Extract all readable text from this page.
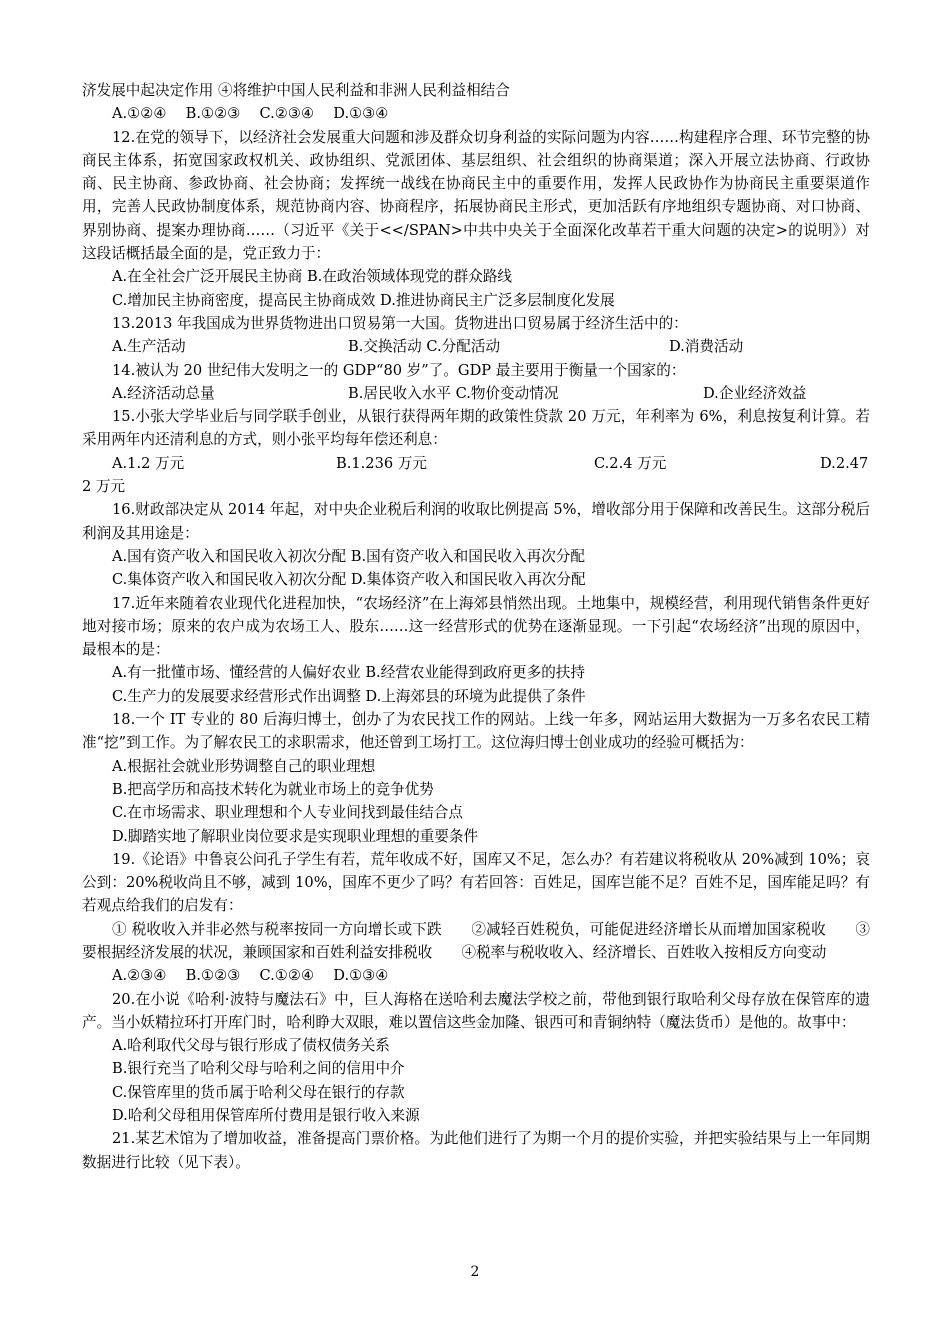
济发展中起决定作用 ④将维护中国人民利益和非洲人民利益相结合

A.①②④　 B.①②③　 C.②③④　 D.①③④

12.在党的领导下，以经济社会发展重大问题和涉及群众切身利益的实际问题为内容……构建程序合理、环节完整的协商民主体系，拓宽国家政权机关、政协组织、党派团体、基层组织、社会组织的协商渠道；深入开展立法协商、行政协商、民主协商、参政协商、社会协商；发挥统一战线在协商民主中的重要作用，发挥人民政协作为协商民主重要渠道作用，完善人民政协制度体系，规范协商内容、协商程序，拓展协商民主形式，更加活跃有序地组织专题协商、对口协商、界别协商、提案办理协商……（习近平《关于<</SPAN>中共中央关于全面深化改革若干重大问题的决定>的说明》）对这段话概括最全面的是，党正致力于：

A.在全社会广泛开展民主协商 B.在政治领域体现党的群众路线

C.增加民主协商密度，提高民主协商成效 D.推进协商民主广泛多层制度化发展

13.2013 年我国成为世界货物进出口贸易第一大国。货物进出口贸易属于经济生活中的：

A.生产活动	B.交换活动 C.分配活动	D.消费活动

14.被认为 20 世纪伟大发明之一的 GDP“80 岁”了。GDP 最主要用于衡量一个国家的：

A.经济活动总量	B.居民收入水平 C.物价变动情况	D.企业经济效益

15.小张大学毕业后与同学联手创业，从银行获得两年期的政策性贷款 20 万元，年利率为 6%，利息按复利计算。若采用两年内还清利息的方式，则小张平均每年偿还利息：

A.1.2 万元	B.1.236 万元	C.2.4 万元	D.2.47

2 万元

16.财政部决定从 2014 年起，对中央企业税后利润的收取比例提高 5%，增收部分用于保障和改善民生。这部分税后利润及其用途是：

A.国有资产收入和国民收入初次分配 B.国有资产收入和国民收入再次分配

C.集体资产收入和国民收入初次分配 D.集体资产收入和国民收入再次分配

17.近年来随着农业现代化进程加快，“农场经济”在上海郊县悄然出现。土地集中，规模经营，利用现代销售条件更好地对接市场；原来的农户成为农场工人、股东……这一经营形式的优势在逐渐显现。一下引起“农场经济”出现的原因中，最根本的是：

A.有一批懂市场、懂经营的人偏好农业 B.经营农业能得到政府更多的扶持

C.生产力的发展要求经营形式作出调整 D.上海郊县的环境为此提供了条件

18.一个 IT 专业的 80 后海归博士，创办了为农民找工作的网站。上线一年多，网站运用大数据为一万多名农民工精准“挖”到工作。为了解农民工的求职需求，他还曾到工场打工。这位海归博士创业成功的经验可概括为：

A.根据社会就业形势调整自己的职业理想

B.把高学历和高技术转化为就业市场上的竞争优势

C.在市场需求、职业理想和个人专业间找到最佳结合点

D.脚踏实地了解职业岗位要求是实现职业理想的重要条件

19.《论语》中鲁哀公问孔子学生有若，荒年收成不好，国库又不足，怎么办？有若建议将税收从 20%减到 10%；哀公到：20%税收尚且不够，减到 10%，国库不更少了吗？有若回答：百姓足，国库岂能不足？百姓不足，国库能足吗？有若观点给我们的启发有：

① 税收收入并非必然与税率按同一方向增长或下跌　　②减轻百姓税负，可能促进经济增长从而增加国家税收　　③要根据经济发展的状况，兼顾国家和百姓利益安排税收　　④税率与税收收入、经济增长、百姓收入按相反方向变动

A.②③④　 B.①②③　 C.①②④　 D.①③④

20.在小说《哈利·波特与魔法石》中，巨人海格在送哈利去魔法学校之前，带他到银行取哈利父母存放在保管库的遗产。当小妖精拉环打开库门时，哈利睁大双眼，难以置信这些金加隆、银西可和青铜纳特（魔法货币）是他的。故事中：

A.哈利取代父母与银行形成了债权债务关系

B.银行充当了哈利父母与哈利之间的信用中介

C.保管库里的货币属于哈利父母在银行的存款

D.哈利父母租用保管库所付费用是银行收入来源

21.某艺术馆为了增加收益，准备提高门票价格。为此他们进行了为期一个月的提价实验，并把实验结果与上一年同期数据进行比较（见下表）。

2
